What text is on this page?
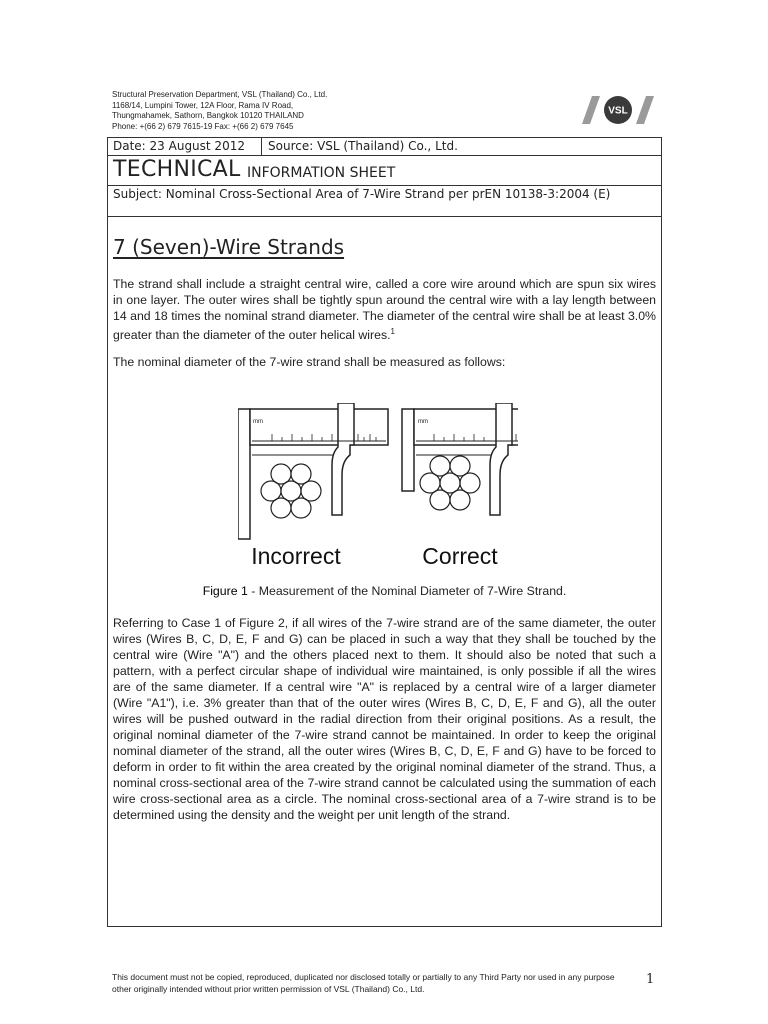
Structural Preservation Department, VSL (Thailand) Co., Ltd.
1168/14, Lumpini Tower, 12A Floor, Rama IV Road,
Thungmahamek, Sathorn, Bangkok 10120 THAILAND
Phone: +(66 2) 679 7615-19 Fax: +(66 2) 679 7645
VSL
Date: 23 August 2012 Source: VSL (Thailand) Co., Ltd.
TECHNICAL INFORMATION SHEET
Subject: Nominal Cross-Sectional Area of 7-Wire Strand per prEN 10138-3:2004 (E)
7 (Seven)-Wire Strands
The strand shall include a straight central wire, called a core wire around which are spun six wires in one layer. The outer wires shall be tightly spun around the central wire with a lay length between 14 and 18 times the nominal strand diameter. The diameter of the central wire shall be at least 3.0% greater than the diameter of the outer helical wires.$^1$
The nominal diameter of the 7-wire strand shall be measured as follows:
mm
Incorrect
mm
Correct
Figure 1 - Measurement of the Nominal Diameter of 7-Wire Strand.
Referring to Case 1 of Figure 2, if all wires of the 7-wire strand are of the same diameter, the outer wires (Wires B, C, D, E, F and G) can be placed in such a way that they shall be touched by the central wire (Wire "A") and the others placed next to them. It should also be noted that such a pattern, with a perfect circular shape of individual wire maintained, is only possible if all the wires are of the same diameter. If a central wire "A" is replaced by a central wire of a larger diameter (Wire "A1"), i.e. 3% greater than that of the outer wires (Wires B, C, D, E, F and G), all the outer wires will be pushed outward in the radial direction from their original positions. As a result, the original nominal diameter of the 7-wire strand cannot be maintained. In order to keep the original nominal diameter of the strand, all the outer wires (Wires B, C, D, E, F and G) have to be forced to deform in order to fit within the area created by the original nominal diameter of the strand. Thus, a nominal cross-sectional area of the 7-wire strand cannot be calculated using the summation of each wire cross-sectional area as a circle. The nominal cross-sectional area of a 7-wire strand is to be determined using the density and the weight per unit length of the strand.
This document must not be copied, reproduced, duplicated nor disclosed totally or partially to any Third Party nor used in any purpose other originally intended without prior written permission of VSL (Thailand) Co., Ltd.
1
